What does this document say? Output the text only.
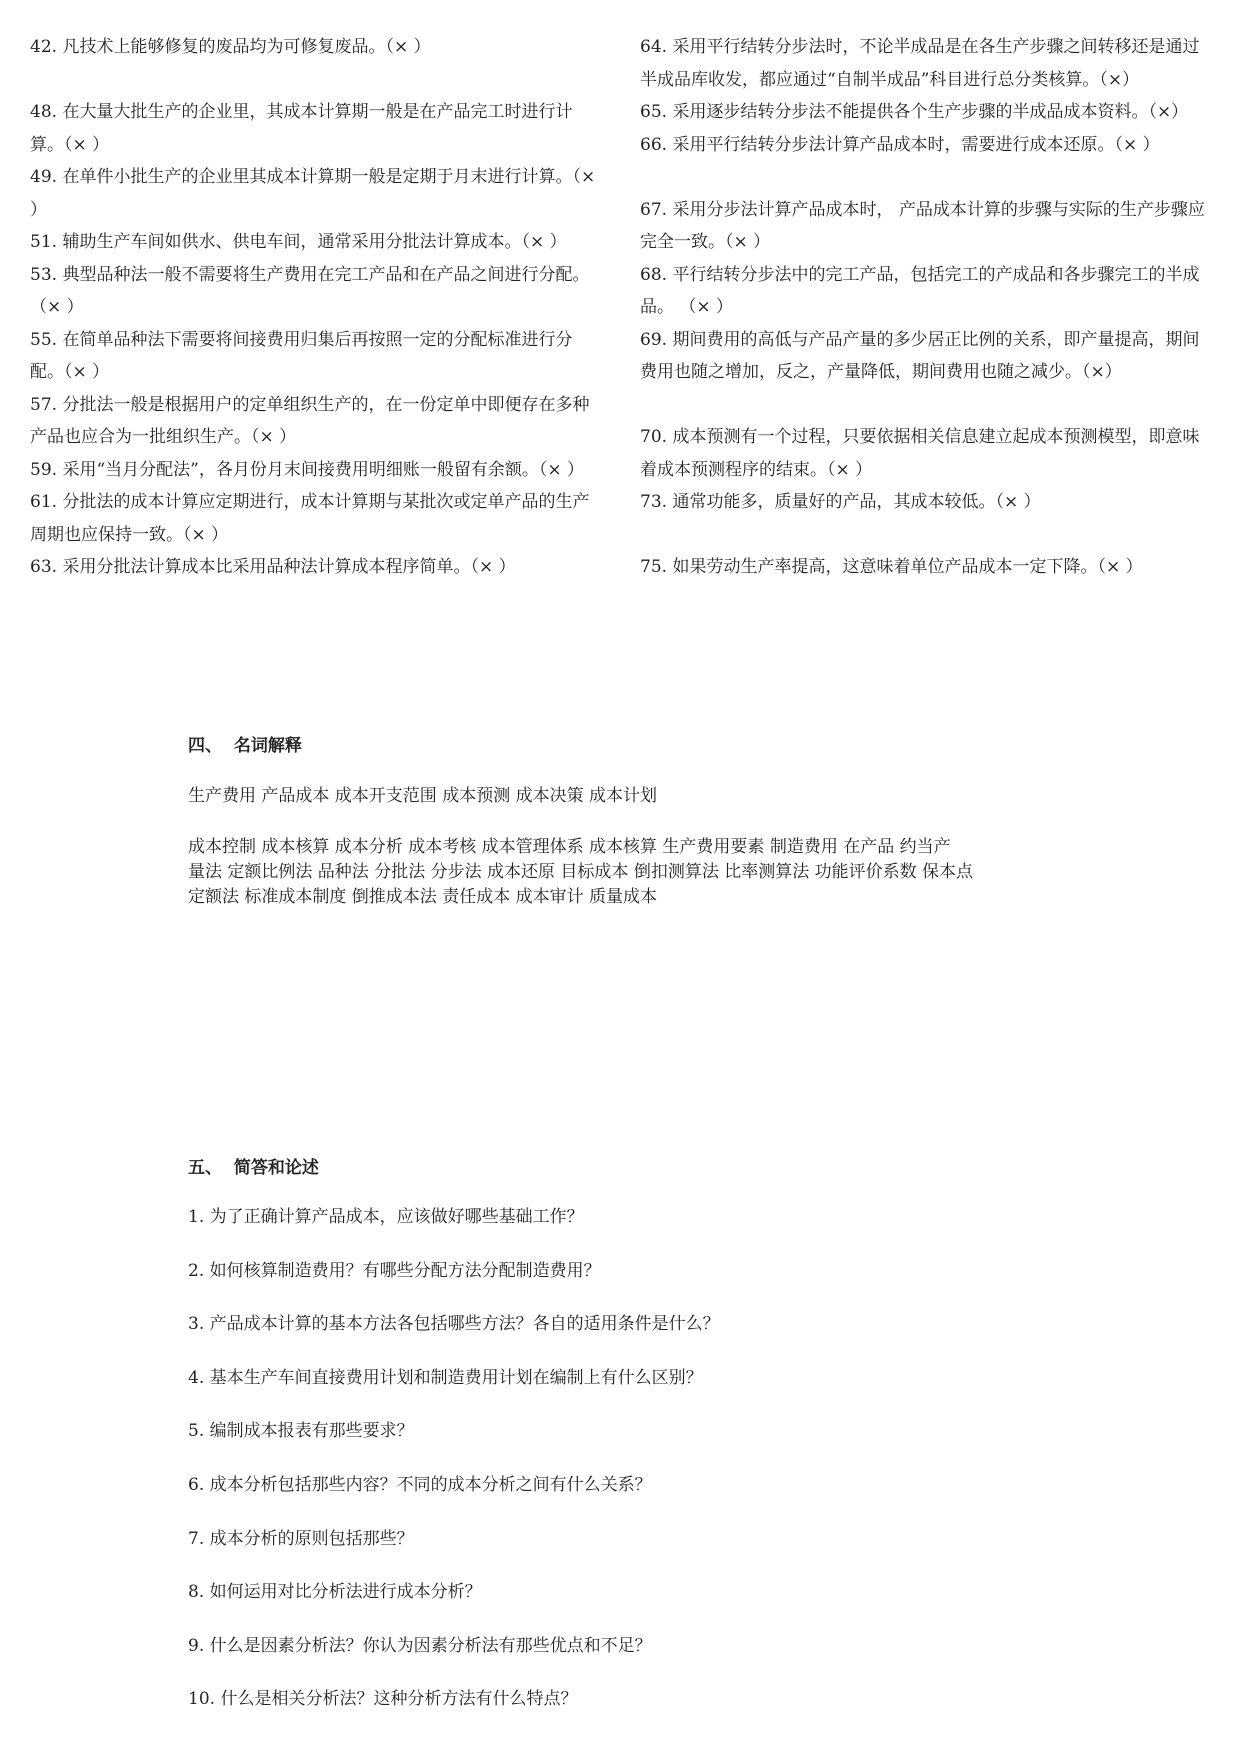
42. 凡技术上能够修复的废品均为可修复废品。（× ）
48. 在大量大批生产的企业里，其成本计算期一般是在产品完工时进行计算。（× ）
49. 在单件小批生产的企业里其成本计算期一般是定期于月末进行计算。（× ）
51. 辅助生产车间如供水、供电车间，通常采用分批法计算成本。（× ）
53. 典型品种法一般不需要将生产费用在完工产品和在产品之间进行分配。（× ）
55. 在简单品种法下需要将间接费用归集后再按照一定的分配标准进行分配。（× ）
57. 分批法一般是根据用户的定单组织生产的，在一份定单中即便存在多种产品也应合为一批组织生产。（× ）
59. 采用“当月分配法”，各月份月末间接费用明细账一般留有余额。（× ）
61. 分批法的成本计算应定期进行，成本计算期与某批次或定单产品的生产周期也应保持一致。（× ）
63. 采用分批法计算成本比采用品种法计算成本程序简单。（× ）
64. 采用平行结转分步法时，不论半成品是在各生产步骤之间转移还是通过半成品库收发，都应通过“自制半成品”科目进行总分类核算。（×）
65. 采用逐步结转分步法不能提供各个生产步骤的半成品成本资料。（×）
66. 采用平行结转分步法计算产品成本时，需要进行成本还原。（× ）
67. 采用分步法计算产品成本时， 产品成本计算的步骤与实际的生产步骤应完全一致。（× ）
68. 平行结转分步法中的完工产品，包括完工的产成品和各步骤完工的半成品。 （× ）
69. 期间费用的高低与产品产量的多少居正比例的关系，即产量提高，期间费用也随之增加，反之，产量降低，期间费用也随之减少。（×）
70. 成本预测有一个过程，只要依据相关信息建立起成本预测模型，即意味着成本预测程序的结束。（× ）
73. 通常功能多，质量好的产品，其成本较低。（× ）
75. 如果劳动生产率提高，这意味着单位产品成本一定下降。（× ）
四、  名词解释
生产费用 产品成本 成本开支范围 成本预测 成本决策 成本计划
成本控制 成本核算 成本分析 成本考核 成本管理体系 成本核算 生产费用要素 制造费用 在产品 约当产
量法 定额比例法 品种法 分批法 分步法 成本还原 目标成本 倒扣测算法 比率测算法 功能评价系数 保本点
定额法 标准成本制度 倒推成本法 责任成本 成本审计 质量成本
五、  简答和论述
1. 为了正确计算产品成本，应该做好哪些基础工作？
2. 如何核算制造费用？有哪些分配方法分配制造费用？
3. 产品成本计算的基本方法各包括哪些方法？各自的适用条件是什么？
4. 基本生产车间直接费用计划和制造费用计划在编制上有什么区别？
5. 编制成本报表有那些要求？
6. 成本分析包括那些内容？不同的成本分析之间有什么关系？
7. 成本分析的原则包括那些？
8. 如何运用对比分析法进行成本分析？
9. 什么是因素分析法？你认为因素分析法有那些优点和不足？
10. 什么是相关分析法？这种分析方法有什么特点？
